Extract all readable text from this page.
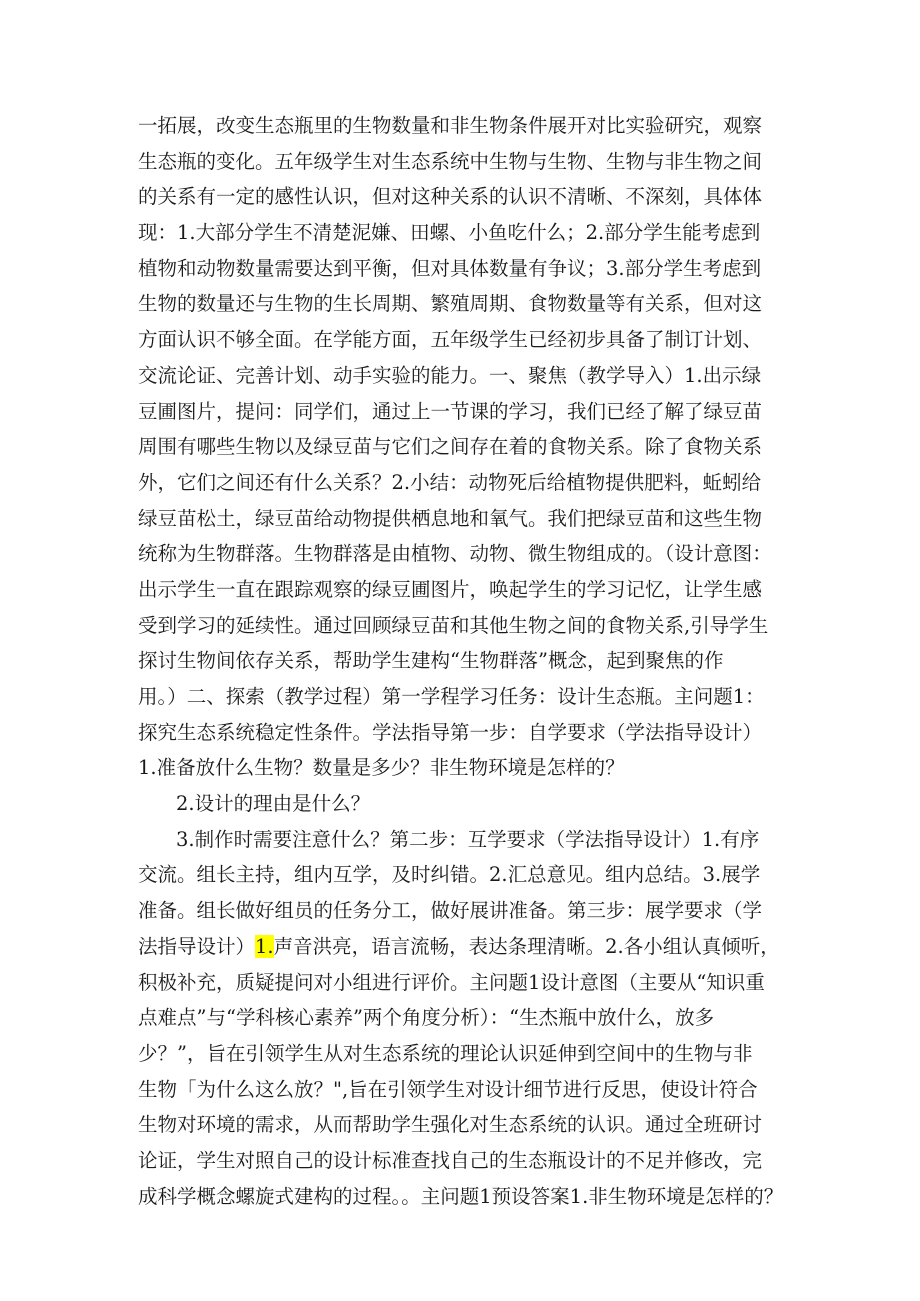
一拓展，改变生态瓶里的生物数量和非生物条件展开对比实验研究，观察
生态瓶的变化。五年级学生对生态系统中生物与生物、生物与非生物之间
的关系有一定的感性认识，但对这种关系的认识不清晰、不深刻，具体体
现：1.大部分学生不清楚泥嫌、田螺、小鱼吃什么；2.部分学生能考虑到
植物和动物数量需要达到平衡，但对具体数量有争议；3.部分学生考虑到
生物的数量还与生物的生长周期、繁殖周期、食物数量等有关系，但对这
方面认识不够全面。在学能方面，五年级学生已经初步具备了制订计划、
交流论证、完善计划、动手实验的能力。一、聚焦（教学导入）1.出示绿
豆圃图片，提问：同学们，通过上一节课的学习，我们已经了解了绿豆苗
周围有哪些生物以及绿豆苗与它们之间存在着的食物关系。除了食物关系
外，它们之间还有什么关系？2.小结：动物死后给植物提供肥料，蚯蚓给
绿豆苗松土，绿豆苗给动物提供栖息地和氧气。我们把绿豆苗和这些生物
统称为生物群落。生物群落是由植物、动物、微生物组成的。（设计意图：
出示学生一直在跟踪观察的绿豆圃图片，唤起学生的学习记忆，让学生感
受到学习的延续性。通过回顾绿豆苗和其他生物之间的食物关系,引导学生
探讨生物间依存关系，帮助学生建构“生物群落”概念，起到聚焦的作
用。）二、探索（教学过程）第一学程学习任务：设计生态瓶。主问题1：
探究生态系统稳定性条件。学法指导第一步：自学要求（学法指导设计）
1.准备放什么生物？数量是多少？非生物环境是怎样的？
2.设计的理由是什么？
3.制作时需要注意什么？第二步：互学要求（学法指导设计）1.有序
交流。组长主持，组内互学，及时纠错。2.汇总意见。组内总结。3.展学
准备。组长做好组员的任务分工，做好展讲准备。第三步：展学要求（学
法指导设计）1.声音洪亮，语言流畅，表达条理清晰。2.各小组认真倾听，
积极补充，质疑提问对小组进行评价。主问题1设计意图（主要从“知识重
点难点”与“学科核心素养”两个角度分析）：“生杰瓶中放什么，放多
少？”，旨在引领学生从对生态系统的理论认识延伸到空间中的生物与非
生物「为什么这么放？",旨在引领学生对设计细节进行反思，使设计符合
生物对环境的需求，从而帮助学生强化对生态系统的认识。通过全班研讨
论证，学生对照自己的设计标准查找自己的生态瓶设计的不足并修改，完
成科学概念螺旋式建构的过程。。主问题1预设答案1.非生物环境是怎样的？
